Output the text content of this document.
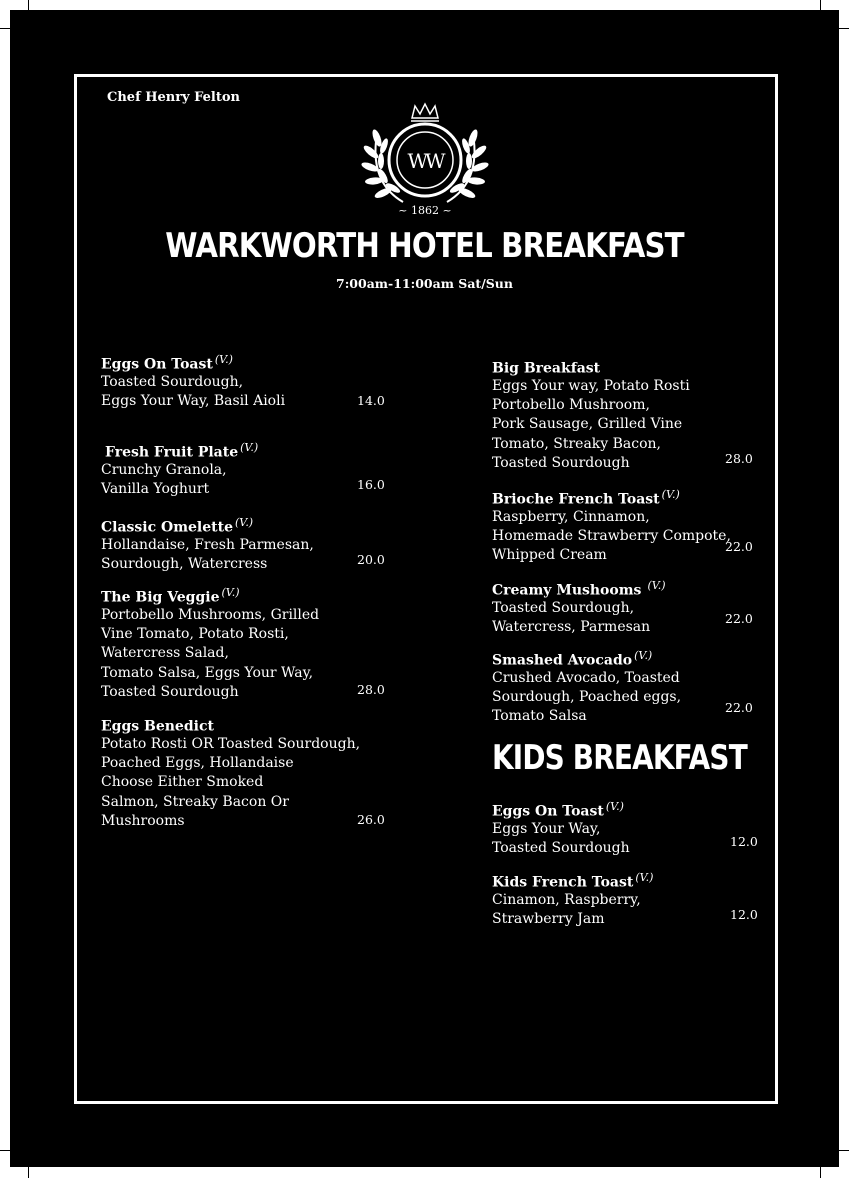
Chef Henry Felton
WW
~ 1862 ~
WARKWORTH HOTEL BREAKFAST
7:00am-11:00am Sat/Sun
Eggs On Toast $^{(V.)}$
Toasted Sourdough,
Eggs Your Way, Basil Aioli	14.0
Fresh Fruit Plate $^{(V.)}$
Crunchy Granola,
Vanilla Yoghurt	16.0
Classic Omelette $^{(V.)}$
Hollandaise, Fresh Parmesan,
Sourdough, Watercress	20.0
The Big Veggie $^{(V.)}$
Portobello Mushrooms, Grilled
Vine Tomato, Potato Rosti,
Watercress Salad,
Tomato Salsa, Eggs Your Way,
Toasted Sourdough	28.0
Eggs Benedict
Potato Rosti OR Toasted Sourdough,
Poached Eggs, Hollandaise
Choose Either Smoked
Salmon, Streaky Bacon Or
Mushrooms	26.0
Big Breakfast
Eggs Your way, Potato Rosti
Portobello Mushroom,
Pork Sausage, Grilled Vine
Tomato, Streaky Bacon,
Toasted Sourdough	28.0
Brioche French Toast $^{(V.)}$
Raspberry, Cinnamon,
Homemade Strawberry Compote,
Whipped Cream
22.0
Creamy Mushooms $^{(V.)}$
Toasted Sourdough,
Watercress, Parmesan
22.0
Smashed Avocado $^{(V.)}$
Crushed Avocado, Toasted
Sourdough, Poached eggs,
Tomato Salsa
22.0
KIDS BREAKFAST
Eggs On Toast $^{(V.)}$
Eggs Your Way,
Toasted Sourdough	12.0
Kids French Toast $^{(V.)}$
Cinamon, Raspberry,
Strawberry Jam	12.0
